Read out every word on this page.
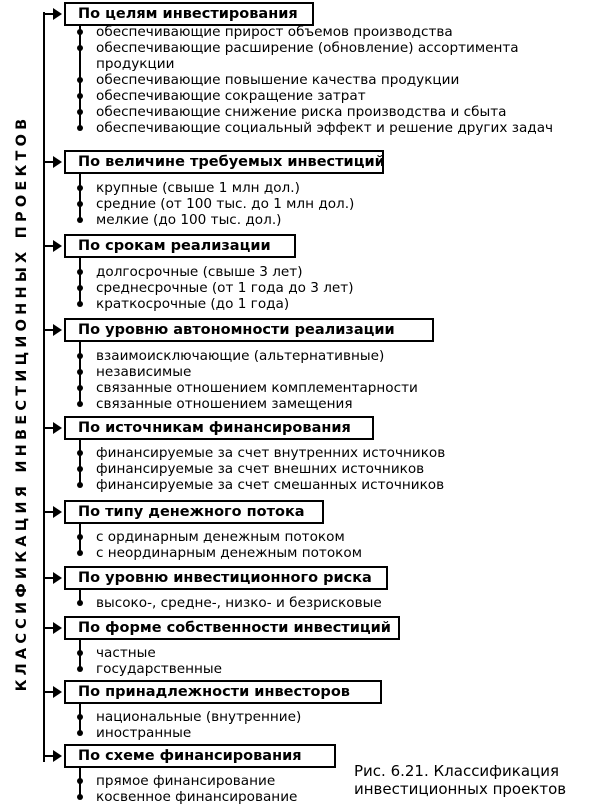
КЛАССИФИКАЦИЯ ИНВЕСТИЦИОННЫХ ПРОЕКТОВ
По целям инвестирования
обеспечивающие прирост объемов производства
обеспечивающие расширение (обновление) ассортимента продукции
обеспечивающие повышение качества продукции
обеспечивающие сокращение затрат
обеспечивающие снижение риска производства и сбыта
обеспечивающие социальный эффект и решение других задач
По величине требуемых инвестиций
крупные (свыше 1 млн дол.)
средние (от 100 тыс. до 1 млн дол.)
мелкие (до 100 тыс. дол.)
По срокам реализации
долгосрочные (свыше 3 лет)
среднесрочные (от 1 года до 3 лет)
краткосрочные (до 1 года)
По уровню автономности реализации
взаимоисключающие (альтернативные)
независимые
связанные отношением комплементарности
связанные отношением замещения
По источникам финансирования
финансируемые за счет внутренних источников
финансируемые за счет внешних источников
финансируемые за счет смешанных источников
По типу денежного потока
с ординарным денежным потоком
с неординарным денежным потоком
По уровню инвестиционного риска
высоко-, средне-, низко- и безрисковые
По форме собственности инвестиций
частные
государственные
По принадлежности инвесторов
национальные (внутренние)
иностранные
По схеме финансирования
прямое финансирование
косвенное финансирование
Рис. 6.21. Классификация
инвестиционных проектов
